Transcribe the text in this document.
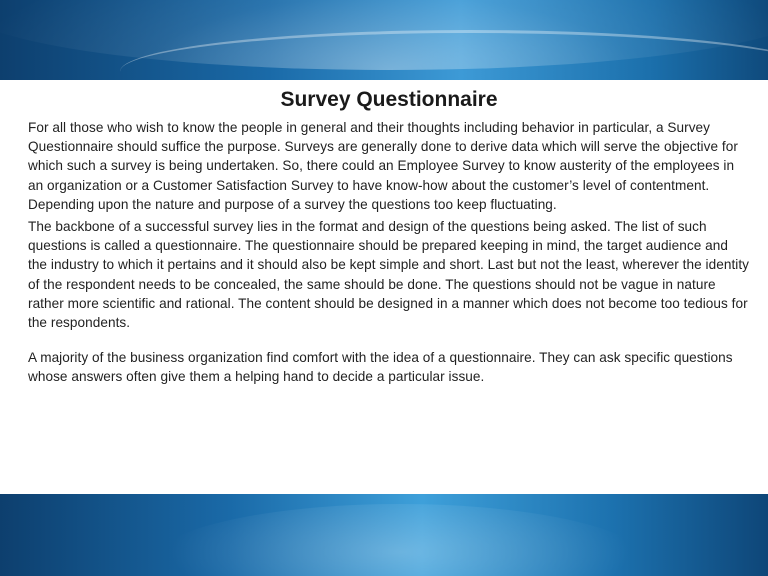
Survey Questionnaire

For all those who wish to know the people in general and their thoughts including behavior in particular, a Survey Questionnaire should suffice the purpose. Surveys are generally done to derive data which will serve the objective for which such a survey is being undertaken. So, there could an Employee Survey to know austerity of the employees in an organization or a Customer Satisfaction Survey to have know-how about the customer’s level of contentment. Depending upon the nature and purpose of a survey the questions too keep fluctuating.

The backbone of a successful survey lies in the format and design of the questions being asked. The list of such questions is called a questionnaire. The questionnaire should be prepared keeping in mind, the target audience and the industry to which it pertains and it should also be kept simple and short. Last but not the least, wherever the identity of the respondent needs to be concealed, the same should be done. The questions should not be vague in nature rather more scientific and rational. The content should be designed in a manner which does not become too tedious for the respondents.

A majority of the business organization find comfort with the idea of a questionnaire. They can ask specific questions whose answers often give them a helping hand to decide a particular issue.
